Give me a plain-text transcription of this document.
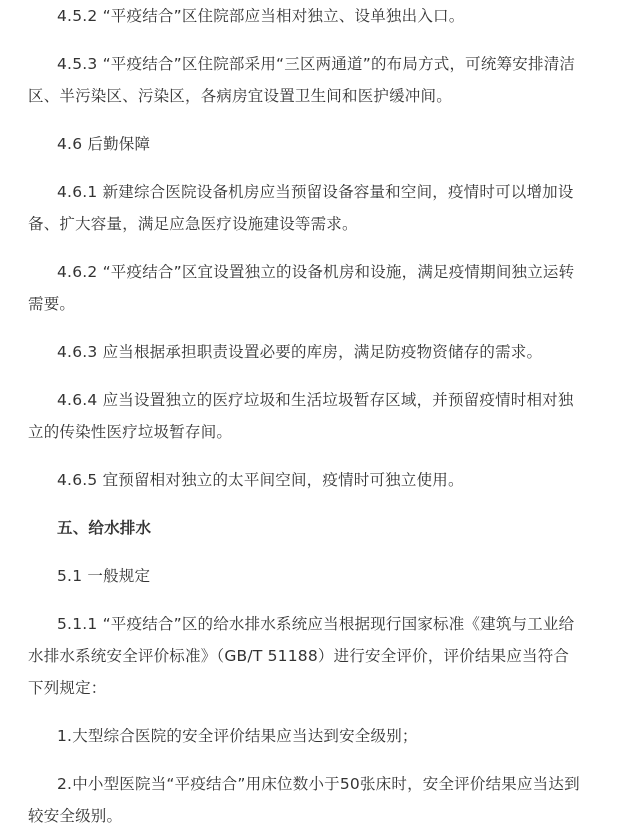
4.5.2 “平疫结合”区住院部应当相对独立、设单独出入口。

4.5.3 “平疫结合”区住院部采用“三区两通道”的布局方式，可统筹安排清洁区、半污染区、污染区，各病房宜设置卫生间和医护缓冲间。

4.6 后勤保障

4.6.1 新建综合医院设备机房应当预留设备容量和空间，疫情时可以增加设备、扩大容量，满足应急医疗设施建设等需求。

4.6.2 “平疫结合”区宜设置独立的设备机房和设施，满足疫情期间独立运转需要。

4.6.3 应当根据承担职责设置必要的库房，满足防疫物资储存的需求。

4.6.4 应当设置独立的医疗垃圾和生活垃圾暂存区域，并预留疫情时相对独立的传染性医疗垃圾暂存间。

4.6.5 宜预留相对独立的太平间空间，疫情时可独立使用。

五、给水排水

5.1 一般规定

5.1.1 “平疫结合”区的给水排水系统应当根据现行国家标准《建筑与工业给水排水系统安全评价标准》（GB/T 51188）进行安全评价，评价结果应当符合下列规定：

1.大型综合医院的安全评价结果应当达到安全级别；

2.中小型医院当“平疫结合”用床位数小于50张床时，安全评价结果应当达到较安全级别。
